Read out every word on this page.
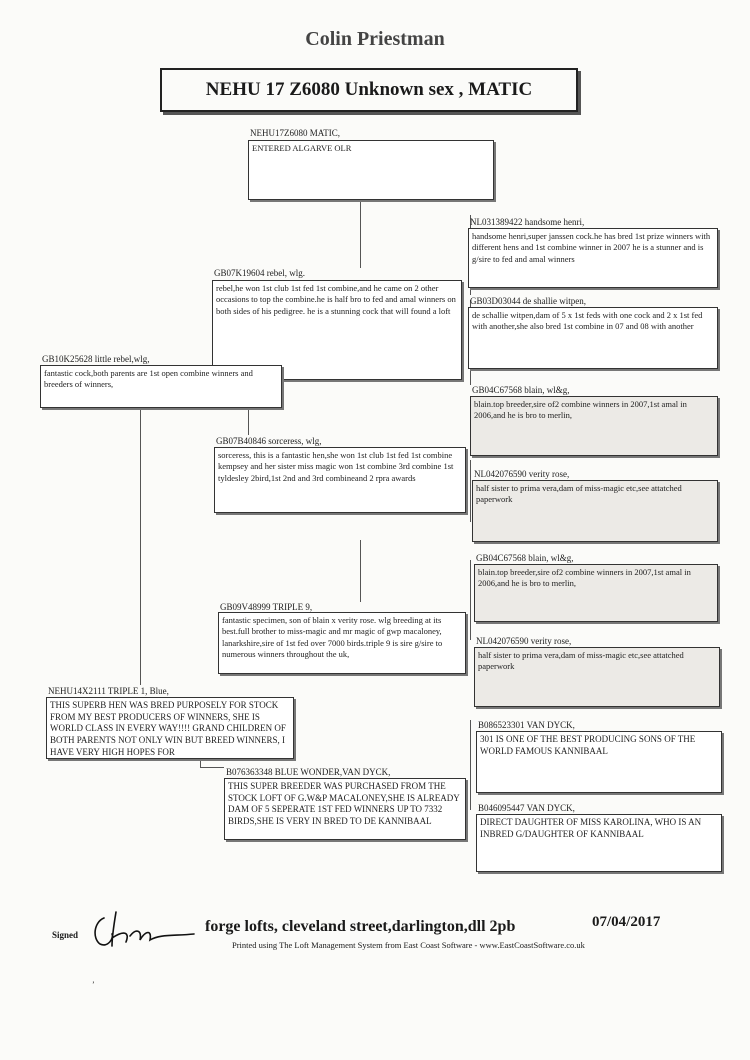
Colin Priestman
NEHU 17 Z6080 Unknown sex , MATIC
NEHU17Z6080 MATIC,
ENTERED ALGARVE OLR
GB07K19604 rebel, wlg.
rebel,he won 1st club 1st fed 1st combine,and he came on 2 other occasions to top the combine.he is half bro to fed and amal winners on both sides of his pedigree. he is a stunning cock that will found a loft
GB10K25628 little rebel,wlg,
fantastic cock,both parents are 1st open combine winners and breeders of winners,
GB07B40846 sorceress, wlg,
sorceress, this is a fantastic hen,she won 1st club 1st fed 1st combine kempsey and her sister miss magic won 1st combine 3rd combine 1st tyldesley 2bird,1st 2nd and 3rd combineand 2 rpra awards
GB09V48999 TRIPLE 9,
fantastic specimen, son of blain x verity rose. wlg breeding at its best.full brother to miss-magic and mr magic of gwp macaloney, lanarkshire,sire of 1st fed over 7000 birds.triple 9 is sire g/sire to numerous winners throughout the uk,
NEHU14X2111 TRIPLE 1, Blue,
THIS SUPERB HEN WAS BRED PURPOSELY FOR STOCK FROM MY BEST PRODUCERS OF WINNERS, SHE IS WORLD CLASS IN EVERY WAY!!!! GRAND CHILDREN OF BOTH PARENTS NOT ONLY WIN BUT BREED WINNERS, I HAVE VERY HIGH HOPES FOR
B076363348 BLUE WONDER,VAN DYCK,
THIS SUPER BREEDER WAS PURCHASED FROM THE STOCK LOFT OF G.W&P MACALONEY,SHE IS ALREADY DAM OF 5 SEPERATE 1ST FED WINNERS UP TO 7332 BIRDS,SHE IS VERY IN BRED TO DE KANNIBAAL
NL031389422 handsome henri,
handsome henri,super janssen cock.he has bred 1st prize winners with different hens and 1st combine winner in 2007 he is a stunner and is g/sire to fed and amal winners
GB03D03044 de shallie witpen,
de schallie witpen,dam of 5 x 1st feds with one cock and 2 x 1st fed with another,she also bred 1st combine in 07 and 08 with another
GB04C67568 blain, wl&g,
blain.top breeder,sire of2 combine winners in 2007,1st amal in 2006,and he is bro to merlin,
NL042076590 verity rose,
half sister to prima vera,dam of miss-magic etc,see attatched paperwork
GB04C67568 blain, wl&g,
blain.top breeder,sire of2 combine winners in 2007,1st amal in 2006,and he is bro to merlin,
NL042076590 verity rose,
half sister to prima vera,dam of miss-magic etc,see attatched paperwork
B086523301 VAN DYCK,
301 IS ONE OF THE BEST PRODUCING SONS OF THE WORLD FAMOUS KANNIBAAL
B046095447 VAN DYCK,
DIRECT DAUGHTER OF MISS KAROLINA, WHO IS AN INBRED G/DAUGHTER OF KANNIBAAL
Signed	forge lofts, cleveland street,darlington,dll 2pb	07/04/2017
Printed using The Loft Management System from East Coast Software - www.EastCoastSoftware.co.uk
’
